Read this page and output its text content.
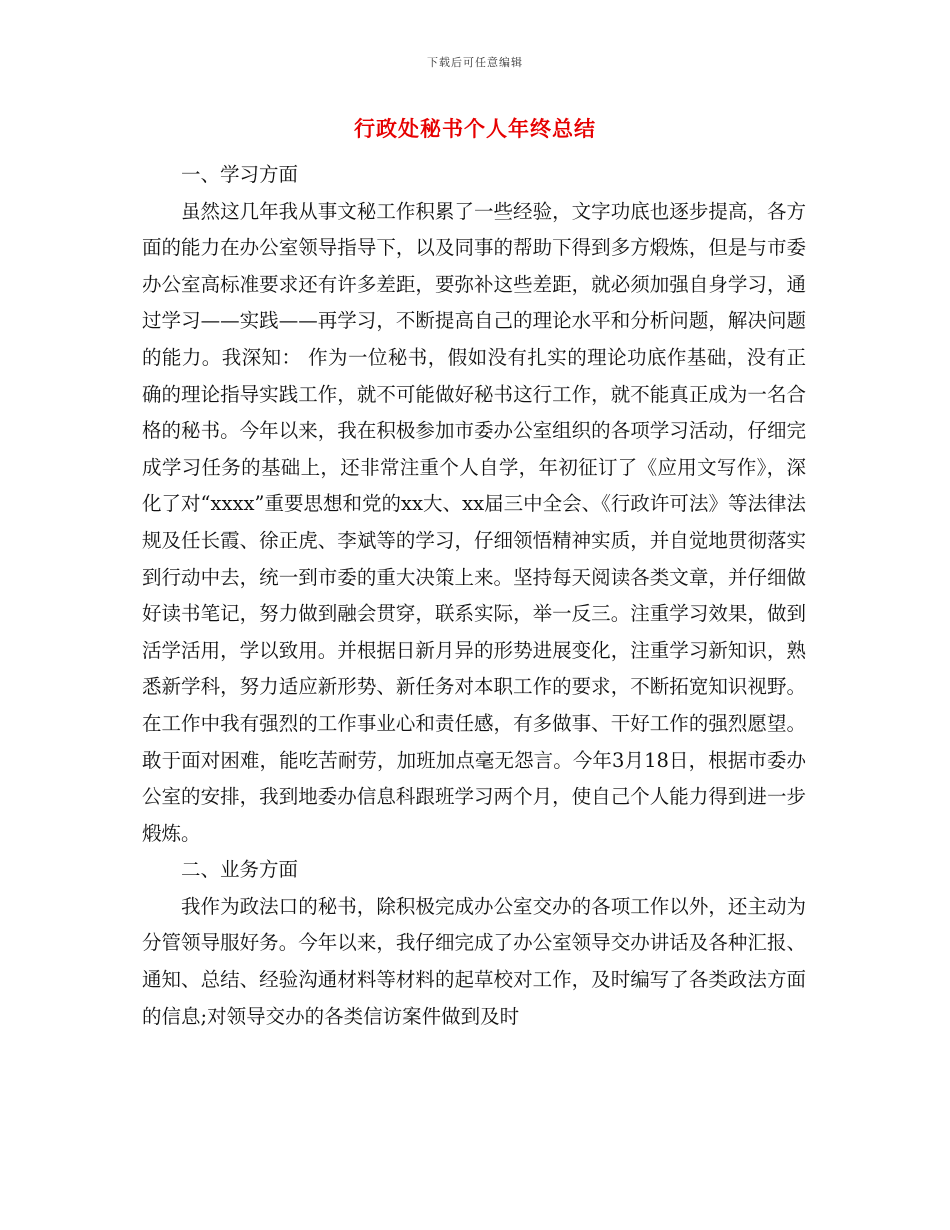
下载后可任意编辑
行政处秘书个人年终总结

一、学习方面

虽然这几年我从事文秘工作积累了一些经验，文字功底也逐步提高，各方面的能力在办公室领导指导下，以及同事的帮助下得到多方煅炼，但是与市委办公室高标准要求还有许多差距，要弥补这些差距，就必须加强自身学习，通过学习——实践——再学习，不断提高自己的理论水平和分析问题，解决问题的能力。我深知： 作为一位秘书，假如没有扎实的理论功底作基础，没有正确的理论指导实践工作，就不可能做好秘书这行工作，就不能真正成为一名合格的秘书。今年以来，我在积极参加市委办公室组织的各项学习活动，仔细完成学习任务的基础上，还非常注重个人自学，年初征订了《应用文写作》，深化了对“xxxx”重要思想和党的xx大、xx届三中全会、《行政许可法》等法律法规及任长霞、徐正虎、李斌等的学习，仔细领悟精神实质，并自觉地贯彻落实到行动中去，统一到市委的重大决策上来。坚持每天阅读各类文章，并仔细做好读书笔记，努力做到融会贯穿，联系实际，举一反三。注重学习效果，做到活学活用，学以致用。并根据日新月异的形势进展变化，注重学习新知识，熟悉新学科，努力适应新形势、新任务对本职工作的要求，不断拓宽知识视野。在工作中我有强烈的工作事业心和责任感，有多做事、干好工作的强烈愿望。敢于面对困难，能吃苦耐劳，加班加点毫无怨言。今年3月18日，根据市委办公室的安排，我到地委办信息科跟班学习两个月，使自己个人能力得到进一步煅炼。

二、业务方面

我作为政法口的秘书，除积极完成办公室交办的各项工作以外，还主动为分管领导服好务。今年以来，我仔细完成了办公室领导交办讲话及各种汇报、通知、总结、经验沟通材料等材料的起草校对工作，及时编写了各类政法方面的信息;对领导交办的各类信访案件做到及时
